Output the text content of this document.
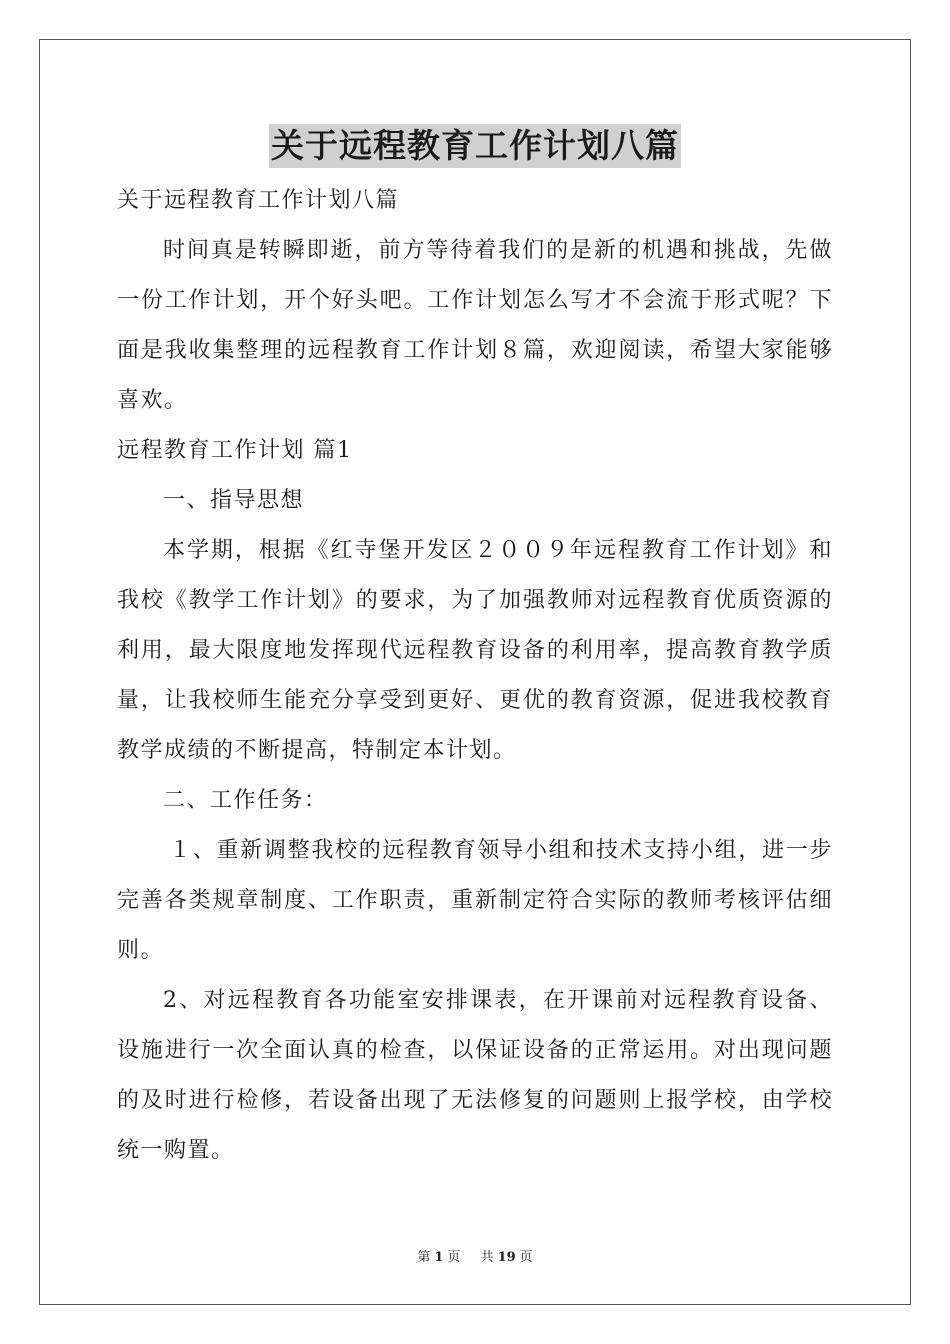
关于远程教育工作计划八篇

关于远程教育工作计划八篇

时间真是转瞬即逝，前方等待着我们的是新的机遇和挑战，先做一份工作计划，开个好头吧。工作计划怎么写才不会流于形式呢？下面是我收集整理的远程教育工作计划８篇，欢迎阅读，希望大家能够喜欢。

远程教育工作计划 篇1

一、指导思想

本学期，根据《红寺堡开发区２００９年远程教育工作计划》和我校《教学工作计划》的要求，为了加强教师对远程教育优质资源的利用，最大限度地发挥现代远程教育设备的利用率，提高教育教学质量，让我校师生能充分享受到更好、更优的教育资源，促进我校教育教学成绩的不断提高，特制定本计划。

二、工作任务：

１、重新调整我校的远程教育领导小组和技术支持小组，进一步完善各类规章制度、工作职责，重新制定符合实际的教师考核评估细则。

2、对远程教育各功能室安排课表，在开课前对远程教育设备、设施进行一次全面认真的检查，以保证设备的正常运用。对出现问题的及时进行检修，若设备出现了无法修复的问题则上报学校，由学校统一购置。

第 1 页 共 19 页
